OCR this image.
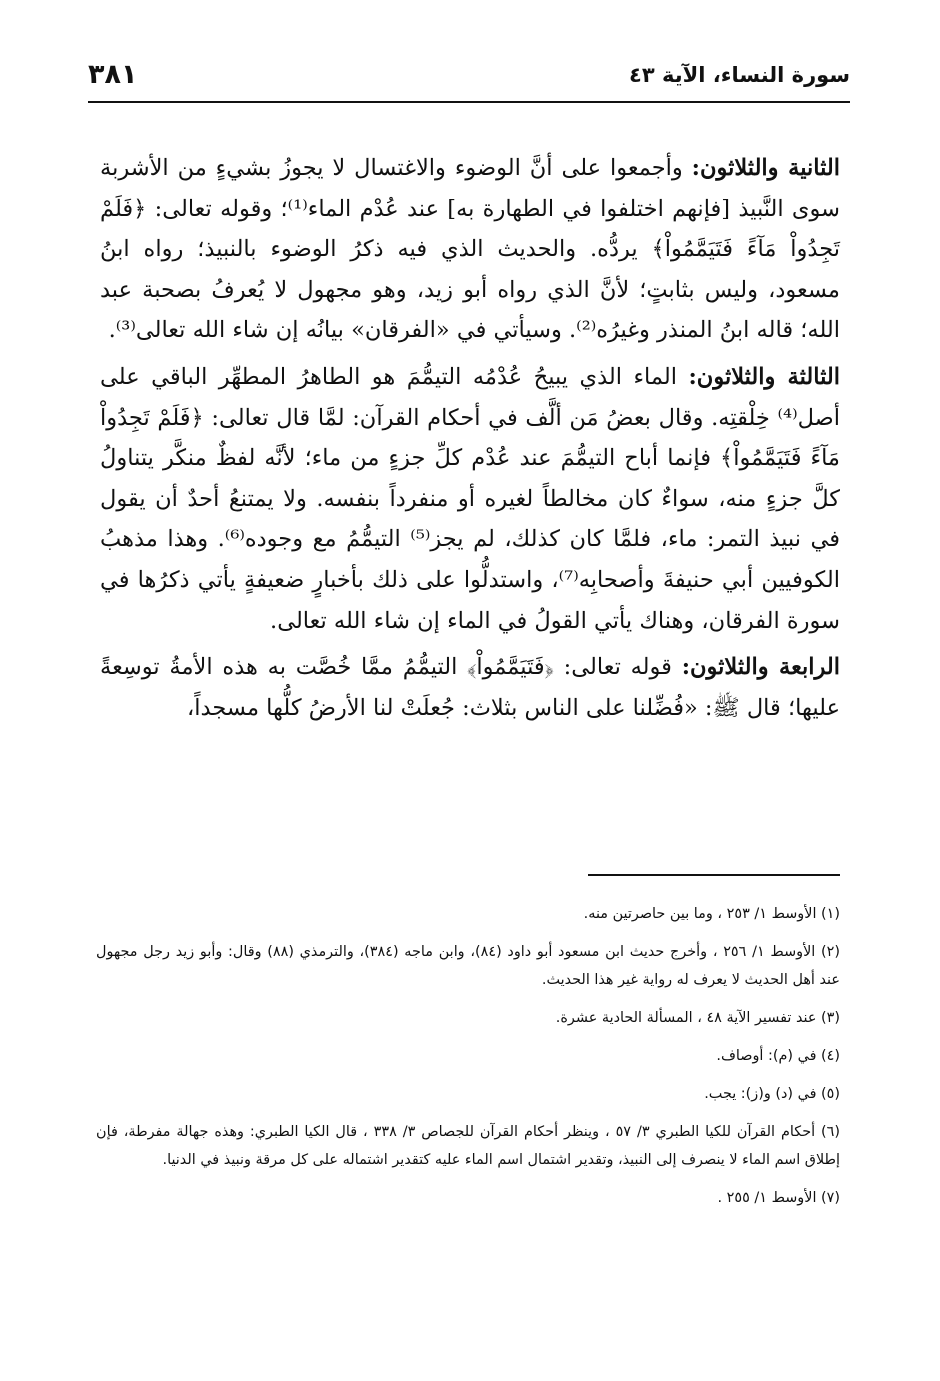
سورة النساء، الآية ٤٣
٣٨١

الثانية والثلاثون: وأجمعوا على أنَّ الوضوء والاغتسال لا يجوزُ بشيءٍ من الأشربة سوى النَّبيذ [فإنهم اختلفوا في الطهارة به] عند عُدْم الماء⁽¹⁾؛ وقوله تعالى: ﴿فَلَمْ تَجِدُواْ مَآءً فَتَيَمَّمُواْ﴾ يردُّه. والحديث الذي فيه ذكرُ الوضوء بالنبيذ؛ رواه ابنُ مسعود، وليس بثابتٍ؛ لأنَّ الذي رواه أبو زيد، وهو مجهول لا يُعرفُ بصحبة عبد الله؛ قاله ابنُ المنذر وغيرُه⁽²⁾. وسيأتي في «الفرقان» بيانُه إن شاء الله تعالى⁽³⁾.

الثالثة والثلاثون: الماء الذي يبيحُ عُدْمُه التيمُّمَ هو الطاهرُ المطهِّر الباقي على أصل⁽⁴⁾ خِلْقتِه. وقال بعضُ مَن ألَّف في أحكام القرآن: لمَّا قال تعالى: ﴿فَلَمْ تَجِدُواْ مَآءً فَتَيَمَّمُواْ﴾ فإنما أباح التيمُّمَ عند عُدْم كلِّ جزءٍ من ماء؛ لأنَّه لفظٌ منكَّر يتناولُ كلَّ جزءٍ منه، سواءٌ كان مخالطاً لغيره أو منفرداً بنفسه. ولا يمتنعُ أحدٌ أن يقول في نبيذ التمر: ماء، فلمَّا كان كذلك، لم يجز⁽⁵⁾ التيمُّمُ مع وجوده⁽⁶⁾. وهذا مذهبُ الكوفيين أبي حنيفةَ وأصحابِه⁽⁷⁾، واستدلُّوا على ذلك بأخبارٍ ضعيفةٍ يأتي ذكرُها في سورة الفرقان، وهناك يأتي القولُ في الماء إن شاء الله تعالى.

الرابعة والثلاثون: قوله تعالى: ﴿فَتَيَمَّمُواْ﴾ التيمُّمُ ممَّا خُصَّت به هذه الأمةُ توسِعةً عليها؛ قال ﷺ: «فُضِّلنا على الناس بثلاث: جُعلَتْ لنا الأرضُ كلُّها مسجداً،

(١) الأوسط ١/ ٢٥٣ ، وما بين حاصرتين منه.

(٢) الأوسط ١/ ٢٥٦ ، وأخرج حديث ابن مسعود أبو داود (٨٤)، وابن ماجه (٣٨٤)، والترمذي (٨٨) وقال: وأبو زيد رجل مجهول عند أهل الحديث لا يعرف له رواية غير هذا الحديث.

(٣) عند تفسير الآية ٤٨ ، المسألة الحادية عشرة.

(٤) في (م): أوصاف.

(٥) في (د) و(ز): يجب.

(٦) أحكام القرآن للكيا الطبري ٣/ ٥٧ ، وينظر أحكام القرآن للجصاص ٣/ ٣٣٨ ، قال الكيا الطبري: وهذه جهالة مفرطة، فإن إطلاق اسم الماء لا ينصرف إلى النبيذ، وتقدير اشتمال اسم الماء عليه كتقدير اشتماله على كل مرقة ونبيذ في الدنيا.

(٧) الأوسط ١/ ٢٥٥ .
